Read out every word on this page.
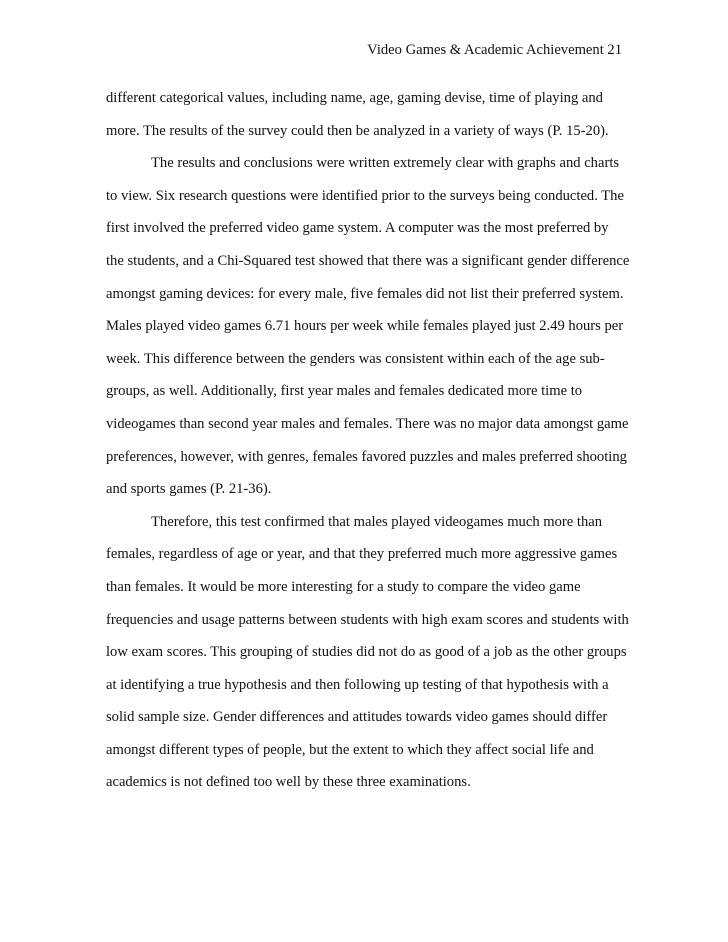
Video Games & Academic Achievement 21
different categorical values, including name, age, gaming devise, time of playing and
more. The results of the survey could then be analyzed in a variety of ways (P. 15-20).
The results and conclusions were written extremely clear with graphs and charts
to view. Six research questions were identified prior to the surveys being conducted. The
first involved the preferred video game system. A computer was the most preferred by
the students, and a Chi-Squared test showed that there was a significant gender difference
amongst gaming devices: for every male, five females did not list their preferred system.
Males played video games 6.71 hours per week while females played just 2.49 hours per
week. This difference between the genders was consistent within each of the age sub-
groups, as well. Additionally, first year males and females dedicated more time to
videogames than second year males and females. There was no major data amongst game
preferences, however, with genres, females favored puzzles and males preferred shooting
and sports games (P. 21-36).
Therefore, this test confirmed that males played videogames much more than
females, regardless of age or year, and that they preferred much more aggressive games
than females. It would be more interesting for a study to compare the video game
frequencies and usage patterns between students with high exam scores and students with
low exam scores. This grouping of studies did not do as good of a job as the other groups
at identifying a true hypothesis and then following up testing of that hypothesis with a
solid sample size. Gender differences and attitudes towards video games should differ
amongst different types of people, but the extent to which they affect social life and
academics is not defined too well by these three examinations.
